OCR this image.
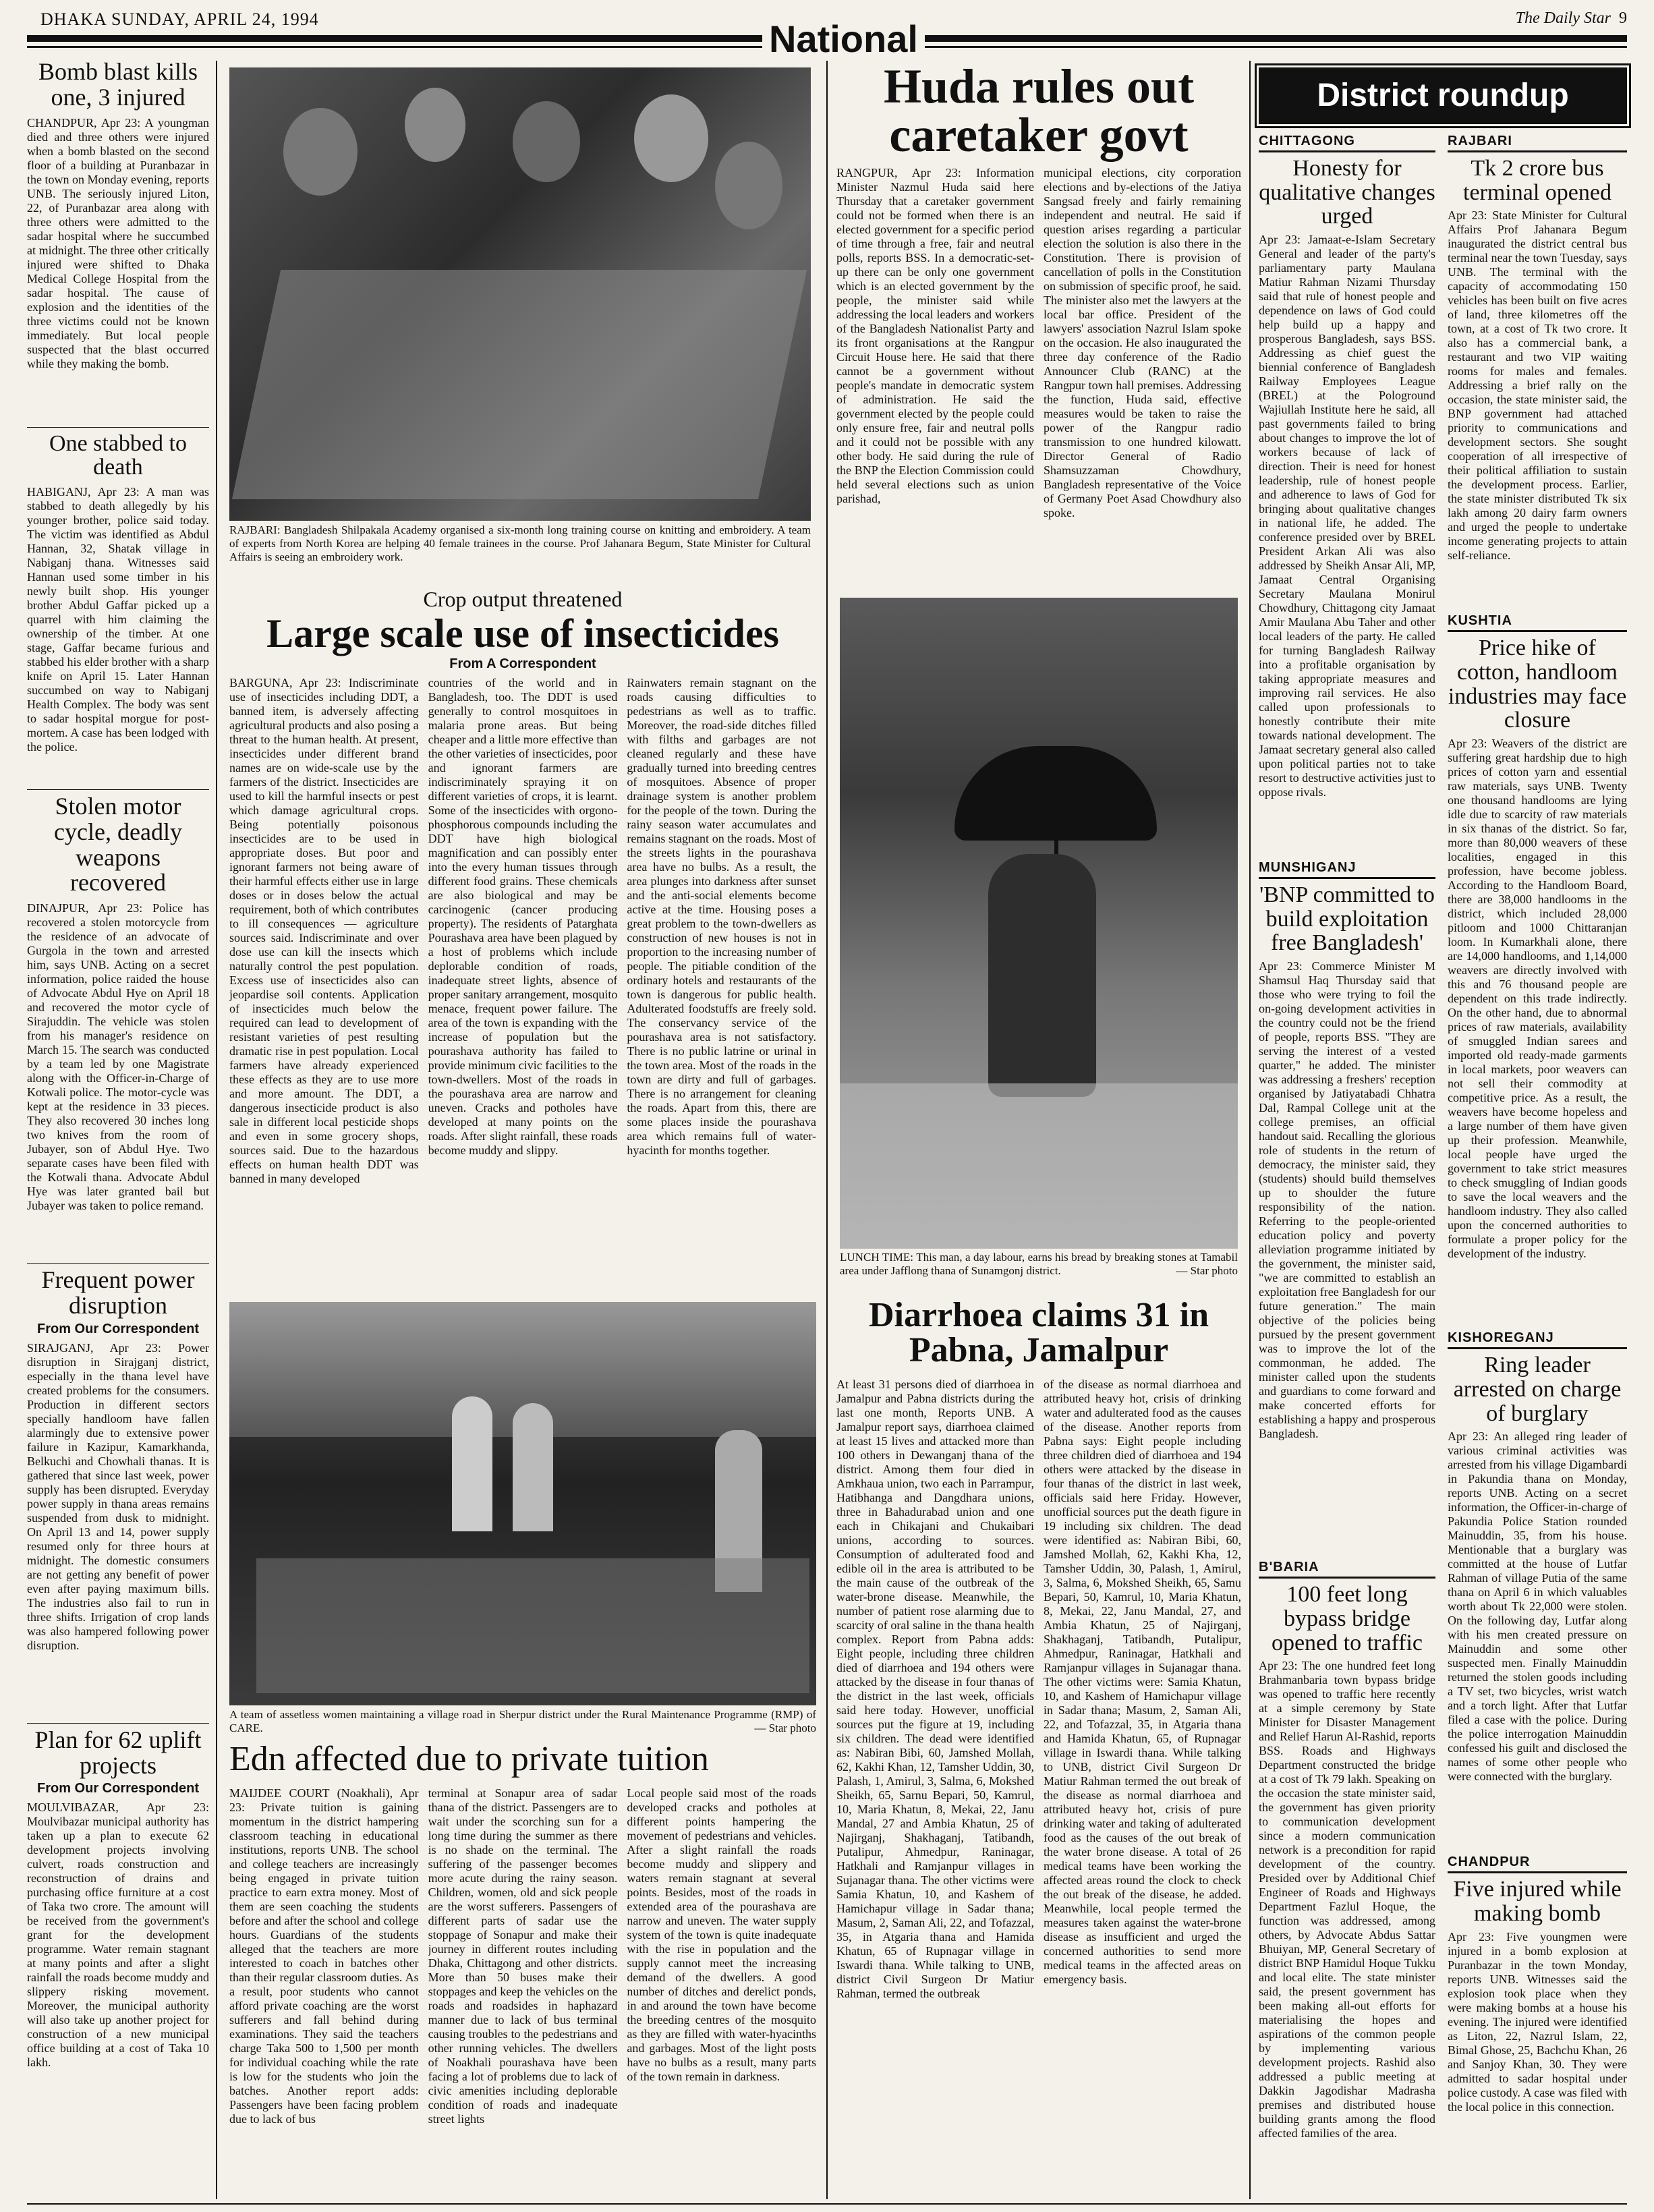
DHAKA SUNDAY, APRIL 24, 1994	National	The Daily Star 9
Bomb blast kills one, 3 injured
CHANDPUR, Apr 23: A youngman died and three others were injured when a bomb blasted on the second floor of a building at Puranbazar in the town on Monday evening, reports UNB. The seriously injured Liton, 22, of Puranbazar area along with three others were admitted to the sadar hospital where he succumbed at midnight. The three other critically injured were shifted to Dhaka Medical College Hospital from the sadar hospital. The cause of explosion and the identities of the three victims could not be known immediately. But local people suspected that the blast occurred while they making the bomb.
One stabbed to death
HABIGANJ, Apr 23: A man was stabbed to death allegedly by his younger brother, police said today. The victim was identified as Abdul Hannan, 32, Shatak village in Nabiganj thana. Witnesses said Hannan used some timber in his newly built shop. His younger brother Abdul Gaffar picked up a quarrel with him claiming the ownership of the timber. At one stage, Gaffar became furious and stabbed his elder brother with a sharp knife on April 15. Later Hannan succumbed on way to Nabiganj Health Complex. The body was sent to sadar hospital morgue for post-mortem. A case has been lodged with the police.
Stolen motor cycle, deadly weapons recovered
DINAJPUR, Apr 23: Police has recovered a stolen motorcycle from the residence of an advocate of Gurgola in the town and arrested him, says UNB. Acting on a secret information, police raided the house of Advocate Abdul Hye on April 18 and recovered the motor cycle of Sirajuddin. The vehicle was stolen from his manager's residence on March 15. The search was conducted by a team led by one Magistrate along with the Officer-in-Charge of Kotwali police. The motor-cycle was kept at the residence in 33 pieces. They also recovered 30 inches long two knives from the room of Jubayer, son of Abdul Hye. Two separate cases have been filed with the Kotwali thana. Advocate Abdul Hye was later granted bail but Jubayer was taken to police remand.
Frequent power disruption
From Our Correspondent
SIRAJGANJ, Apr 23: Power disruption in Sirajganj district, especially in the thana level have created problems for the consumers. Production in different sectors specially handloom have fallen alarmingly due to extensive power failure in Kazipur, Kamarkhanda, Belkuchi and Chowhali thanas. It is gathered that since last week, power supply has been disrupted. Everyday power supply in thana areas remains suspended from dusk to midnight. On April 13 and 14, power supply resumed only for three hours at midnight. The domestic consumers are not getting any benefit of power even after paying maximum bills. The industries also fail to run in three shifts. Irrigation of crop lands was also hampered following power disruption.
Plan for 62 uplift projects
From Our Correspondent
MOULVIBAZAR, Apr 23: Moulvibazar municipal authority has taken up a plan to execute 62 development projects involving culvert, roads construction and reconstruction of drains and purchasing office furniture at a cost of Taka two crore. The amount will be received from the government's grant for the development programme. Water remain stagnant at many points and after a slight rainfall the roads become muddy and slippery risking movement. Moreover, the municipal authority will also take up another project for construction of a new municipal office building at a cost of Taka 10 lakh.
RAJBARI: Bangladesh Shilpakala Academy organised a six-month long training course on knitting and embroidery. A team of experts from North Korea are helping 40 female trainees in the course. Prof Jahanara Begum, State Minister for Cultural Affairs is seeing an embroidery work.
Crop output threatened
Large scale use of insecticides
From A Correspondent
BARGUNA, Apr 23: Indiscriminate use of insecticides including DDT, a banned item, is adversely affecting agricultural products and also posing a threat to the human health. At present, insecticides under different brand names are on wide-scale use by the farmers of the district. Insecticides are used to kill the harmful insects or pest which damage agricultural crops. Being potentially poisonous insecticides are to be used in appropriate doses. But poor and ignorant farmers not being aware of their harmful effects either use in large doses or in doses below the actual requirement, both of which contributes to ill consequences — agriculture sources said. Indiscriminate and over dose use can kill the insects which naturally control the pest population. Excess use of insecticides also can jeopardise soil contents. Application of insecticides much below the required can lead to development of resistant varieties of pest resulting dramatic rise in pest population. Local farmers have already experienced these effects as they are to use more and more amount. The DDT, a dangerous insecticide product is also sale in different local pesticide shops and even in some grocery shops, sources said. Due to the hazardous effects on human health DDT was banned in many developed
countries of the world and in Bangladesh, too. The DDT is used generally to control mosquitoes in malaria prone areas. But being cheaper and a little more effective than the other varieties of insecticides, poor and ignorant farmers are indiscriminately spraying it on different varieties of crops, it is learnt. Some of the insecticides with orgono-phosphorous compounds including the DDT have high biological magnification and can possibly enter into the every human tissues through different food grains. These chemicals are also biological and may be carcinogenic (cancer producing property). The residents of Patarghata Pourashava area have been plagued by a host of problems which include deplorable condition of roads, inadequate street lights, absence of proper sanitary arrangement, mosquito menace, frequent power failure. The area of the town is expanding with the increase of population but the pourashava authority has failed to provide minimum civic facilities to the town-dwellers. Most of the roads in the pourashava area are narrow and uneven. Cracks and potholes have developed at many points on the roads. After slight rainfall, these roads become muddy and slippy.
Rainwaters remain stagnant on the roads causing difficulties to pedestrians as well as to traffic. Moreover, the road-side ditches filled with filths and garbages are not cleaned regularly and these have gradually turned into breeding centres of mosquitoes. Absence of proper drainage system is another problem for the people of the town. During the rainy season water accumulates and remains stagnant on the roads. Most of the streets lights in the pourashava area have no bulbs. As a result, the area plunges into darkness after sunset and the anti-social elements become active at the time. Housing poses a great problem to the town-dwellers as construction of new houses is not in proportion to the increasing number of people. The pitiable condition of the ordinary hotels and restaurants of the town is dangerous for public health. Adulterated foodstuffs are freely sold. The conservancy service of the pourashava area is not satisfactory. There is no public latrine or urinal in the town area. Most of the roads in the town are dirty and full of garbages. There is no arrangement for cleaning the roads. Apart from this, there are some places inside the pourashava area which remains full of water-hyacinth for months together.
A team of assetless women maintaining a village road in Sherpur district under the Rural Maintenance Programme (RMP) of CARE.	— Star photo
Edn affected due to private tuition
MAIJDEE COURT (Noakhali), Apr 23: Private tuition is gaining momentum in the district hampering classroom teaching in educational institutions, reports UNB. The school and college teachers are increasingly being engaged in private tuition practice to earn extra money. Most of them are seen coaching the students before and after the school and college hours. Guardians of the students alleged that the teachers are more interested to coach in batches other than their regular classroom duties. As a result, poor students who cannot afford private coaching are the worst sufferers and fall behind during examinations. They said the teachers charge Taka 500 to 1,500 per month for individual coaching while the rate is low for the students who join the batches. Another report adds: Passengers have been facing problem due to lack of bus
terminal at Sonapur area of sadar thana of the district. Passengers are to wait under the scorching sun for a long time during the summer as there is no shade on the terminal. The suffering of the passenger becomes more acute during the rainy season. Children, women, old and sick people are the worst sufferers. Passengers of different parts of sadar use the stoppage of Sonapur and make their journey in different routes including Dhaka, Chittagong and other districts. More than 50 buses make their stoppages and keep the vehicles on the roads and roadsides in haphazard manner due to lack of bus terminal causing troubles to the pedestrians and other running vehicles. The dwellers of Noakhali pourashava have been facing a lot of problems due to lack of civic amenities including deplorable condition of roads and inadequate street lights
Local people said most of the roads developed cracks and potholes at different points hampering the movement of pedestrians and vehicles. After a slight rainfall the roads become muddy and slippery and waters remain stagnant at several points. Besides, most of the roads in extended area of the pourashava are narrow and uneven. The water supply system of the town is quite inadequate with the rise in population and the supply cannot meet the increasing demand of the dwellers. A good number of ditches and derelict ponds, in and around the town have become the breeding centres of the mosquito as they are filled with water-hyacinths and garbages. Most of the light posts have no bulbs as a result, many parts of the town remain in darkness.
Huda rules out caretaker govt
RANGPUR, Apr 23: Information Minister Nazmul Huda said here Thursday that a caretaker government could not be formed when there is an elected government for a specific period of time through a free, fair and neutral polls, reports BSS. In a democratic-set-up there can be only one government which is an elected government by the people, the minister said while addressing the local leaders and workers of the Bangladesh Nationalist Party and its front organisations at the Rangpur Circuit House here. He said that there cannot be a government without people's mandate in democratic system of administration. He said the government elected by the people could only ensure free, fair and neutral polls and it could not be possible with any other body. He said during the rule of the BNP the Election Commission could held several elections such as union parishad,
municipal elections, city corporation elections and by-elections of the Jatiya Sangsad freely and fairly remaining independent and neutral. He said if question arises regarding a particular election the solution is also there in the Constitution. There is provision of cancellation of polls in the Constitution on submission of specific proof, he said. The minister also met the lawyers at the local bar office. President of the lawyers' association Nazrul Islam spoke on the occasion. He also inaugurated the three day conference of the Radio Announcer Club (RANC) at the Rangpur town hall premises. Addressing the function, Huda said, effective measures would be taken to raise the power of the Rangpur radio transmission to one hundred kilowatt. Director General of Radio Shamsuzzaman Chowdhury, Bangladesh representative of the Voice of Germany Poet Asad Chowdhury also spoke.
LUNCH TIME: This man, a day labour, earns his bread by breaking stones at Tamabil area under Jafflong thana of Sunamgonj district.	— Star photo
Diarrhoea claims 31 in Pabna, Jamalpur
At least 31 persons died of diarrhoea in Jamalpur and Pabna districts during the last one month, Reports UNB. A Jamalpur report says, diarrhoea claimed at least 15 lives and attacked more than 100 others in Dewanganj thana of the district. Among them four died in Amkhaua union, two each in Parrampur, Hatibhanga and Dangdhara unions, three in Bahadurabad union and one each in Chikajani and Chukaibari unions, according to sources. Consumption of adulterated food and edible oil in the area is attributed to be the main cause of the outbreak of the water-brone disease. Meanwhile, the number of patient rose alarming due to scarcity of oral saline in the thana health complex. Report from Pabna adds: Eight people, including three children died of diarrhoea and 194 others were attacked by the disease in four thanas of the district in the last week, officials said here today. However, unofficial sources put the figure at 19, including six children. The dead were identified as: Nabiran Bibi, 60, Jamshed Mollah, 62, Kakhi Khan, 12, Tamsher Uddin, 30, Palash, 1, Amirul, 3, Salma, 6, Mokshed Sheikh, 65, Sarnu Bepari, 50, Kamrul, 10, Maria Khatun, 8, Mekai, 22, Janu Mandal, 27 and Ambia Khatun, 25 of Najirganj, Shakhaganj, Tatibandh, Putalipur, Ahmedpur, Raninagar, Hatkhali and Ramjanpur villages in Sujanagar thana. The other victims were Samia Khatun, 10, and Kashem of Hamichapur village in Sadar thana; Masum, 2, Saman Ali, 22, and Tofazzal, 35, in Atgaria thana and Hamida Khatun, 65 of Rupnagar village in Iswardi thana. While talking to UNB, district Civil Surgeon Dr Matiur Rahman, termed the outbreak
of the disease as normal diarrhoea and attributed heavy hot, crisis of drinking water and adulterated food as the causes of the disease. Another reports from Pabna says: Eight people including three children died of diarrhoea and 194 others were attacked by the disease in four thanas of the district in last week, officials said here Friday. However, unofficial sources put the death figure in 19 including six children. The dead were identified as: Nabiran Bibi, 60, Jamshed Mollah, 62, Kakhi Kha, 12, Tamsher Uddin, 30, Palash, 1, Amirul, 3, Salma, 6, Mokshed Sheikh, 65, Samu Bepari, 50, Kamrul, 10, Maria Khatun, 8, Mekai, 22, Janu Mandal, 27, and Ambia Khatun, 25 of Najirganj, Shakhaganj, Tatibandh, Putalipur, Ahmedpur, Raninagar, Hatkhali and Ramjanpur villages in Sujanagar thana. The other victims were: Samia Khatun, 10, and Kashem of Hamichapur village in Sadar thana; Masum, 2, Saman Ali, 22, and Tofazzal, 35, in Atgaria thana and Hamida Khatun, 65, of Rupnagar village in Iswardi thana. While talking to UNB, district Civil Surgeon Dr Matiur Rahman termed the out break of the disease as normal diarrhoea and attributed heavy hot, crisis of pure drinking water and taking of adulterated food as the causes of the out break of the water brone disease. A total of 26 medical teams have been working the affected areas round the clock to check the out break of the disease, he added. Meanwhile, local people termed the measures taken against the water-brone disease as insufficient and urged the concerned authorities to send more medical teams in the affected areas on emergency basis.
District roundup
CHITTAGONG
Honesty for qualitative changes urged
Apr 23: Jamaat-e-Islam Secretary General and leader of the party's parliamentary party Maulana Matiur Rahman Nizami Thursday said that rule of honest people and dependence on laws of God could help build up a happy and prosperous Bangladesh, says BSS. Addressing as chief guest the biennial conference of Bangladesh Railway Employees League (BREL) at the Pologround Wajiullah Institute here he said, all past governments failed to bring about changes to improve the lot of workers because of lack of direction. Their is need for honest leadership, rule of honest people and adherence to laws of God for bringing about qualitative changes in national life, he added. The conference presided over by BREL President Arkan Ali was also addressed by Sheikh Ansar Ali, MP, Jamaat Central Organising Secretary Maulana Monirul Chowdhury, Chittagong city Jamaat Amir Maulana Abu Taher and other local leaders of the party. He called for turning Bangladesh Railway into a profitable organisation by taking appropriate measures and improving rail services. He also called upon professionals to honestly contribute their mite towards national development. The Jamaat secretary general also called upon political parties not to take resort to destructive activities just to oppose rivals.
MUNSHIGANJ
'BNP committed to build exploitation free Bangladesh'
Apr 23: Commerce Minister M Shamsul Haq Thursday said that those who were trying to foil the on-going development activities in the country could not be the friend of people, reports BSS. "They are serving the interest of a vested quarter," he added. The minister was addressing a freshers' reception organised by Jatiyatabadi Chhatra Dal, Rampal College unit at the college premises, an official handout said. Recalling the glorious role of students in the return of democracy, the minister said, they (students) should build themselves up to shoulder the future responsibility of the nation. Referring to the people-oriented education policy and poverty alleviation programme initiated by the government, the minister said, "we are committed to establish an exploitation free Bangladesh for our future generation." The main objective of the policies being pursued by the present government was to improve the lot of the commonman, he added. The minister called upon the students and guardians to come forward and make concerted efforts for establishing a happy and prosperous Bangladesh.
B'BARIA
100 feet long bypass bridge opened to traffic
Apr 23: The one hundred feet long Brahmanbaria town bypass bridge was opened to traffic here recently at a simple ceremony by State Minister for Disaster Management and Relief Harun Al-Rashid, reports BSS. Roads and Highways Department constructed the bridge at a cost of Tk 79 lakh. Speaking on the occasion the state minister said, the government has given priority to communication development since a modern communication network is a precondition for rapid development of the country. Presided over by Additional Chief Engineer of Roads and Highways Department Fazlul Hoque, the function was addressed, among others, by Advocate Abdus Sattar Bhuiyan, MP, General Secretary of district BNP Hamidul Hoque Tukku and local elite. The state minister said, the present government has been making all-out efforts for materialising the hopes and aspirations of the common people by implementing various development projects. Rashid also addressed a public meeting at Dakkin Jagodishar Madrasha premises and distributed house building grants among the flood affected families of the area.
RAJBARI
Tk 2 crore bus terminal opened
Apr 23: State Minister for Cultural Affairs Prof Jahanara Begum inaugurated the district central bus terminal near the town Tuesday, says UNB. The terminal with the capacity of accommodating 150 vehicles has been built on five acres of land, three kilometres off the town, at a cost of Tk two crore. It also has a commercial bank, a restaurant and two VIP waiting rooms for males and females. Addressing a brief rally on the occasion, the state minister said, the BNP government had attached priority to communications and development sectors. She sought cooperation of all irrespective of their political affiliation to sustain the development process. Earlier, the state minister distributed Tk six lakh among 20 dairy farm owners and urged the people to undertake income generating projects to attain self-reliance.
KUSHTIA
Price hike of cotton, handloom industries may face closure
Apr 23: Weavers of the district are suffering great hardship due to high prices of cotton yarn and essential raw materials, says UNB. Twenty one thousand handlooms are lying idle due to scarcity of raw materials in six thanas of the district. So far, more than 80,000 weavers of these localities, engaged in this profession, have become jobless. According to the Handloom Board, there are 38,000 handlooms in the district, which included 28,000 pitloom and 1000 Chittaranjan loom. In Kumarkhali alone, there are 14,000 handlooms, and 1,14,000 weavers are directly involved with this and 76 thousand people are dependent on this trade indirectly. On the other hand, due to abnormal prices of raw materials, availability of smuggled Indian sarees and imported old ready-made garments in local markets, poor weavers can not sell their commodity at competitive price. As a result, the weavers have become hopeless and a large number of them have given up their profession. Meanwhile, local people have urged the government to take strict measures to check smuggling of Indian goods to save the local weavers and the handloom industry. They also called upon the concerned authorities to formulate a proper policy for the development of the industry.
KISHOREGANJ
Ring leader arrested on charge of burglary
Apr 23: An alleged ring leader of various criminal activities was arrested from his village Digambardi in Pakundia thana on Monday, reports UNB. Acting on a secret information, the Officer-in-charge of Pakundia Police Station rounded Mainuddin, 35, from his house. Mentionable that a burglary was committed at the house of Lutfar Rahman of village Putia of the same thana on April 6 in which valuables worth about Tk 22,000 were stolen. On the following day, Lutfar along with his men created pressure on Mainuddin and some other suspected men. Finally Mainuddin returned the stolen goods including a TV set, two bicycles, wrist watch and a torch light. After that Lutfar filed a case with the police. During the police interrogation Mainuddin confessed his guilt and disclosed the names of some other people who were connected with the burglary.
CHANDPUR
Five injured while making bomb
Apr 23: Five youngmen were injured in a bomb explosion at Puranbazar in the town Monday, reports UNB. Witnesses said the explosion took place when they were making bombs at a house his evening. The injured were identified as Liton, 22, Nazrul Islam, 22, Bimal Ghose, 25, Bachchu Khan, 26 and Sanjoy Khan, 30. They were admitted to sadar hospital under police custody. A case was filed with the local police in this connection.
